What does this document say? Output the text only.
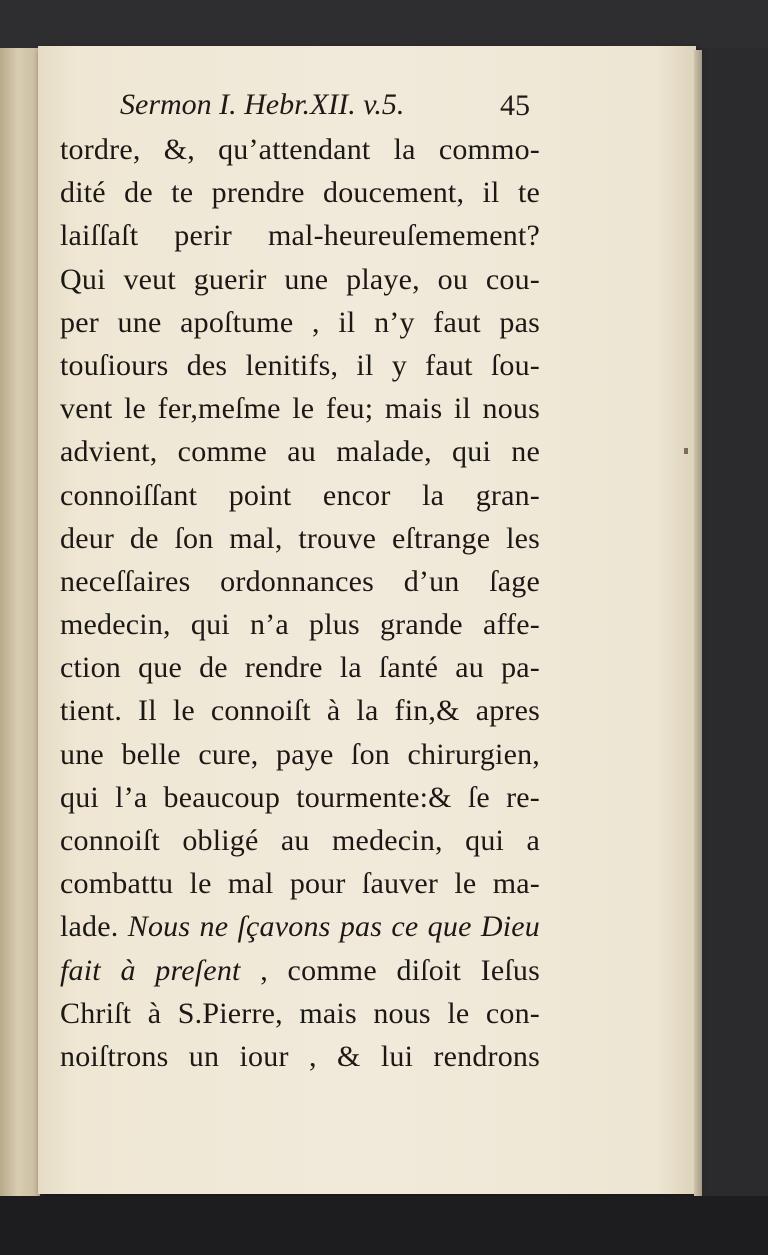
Sermon I. Hebr.XII. v.5.	45
tordre, &, qu’attendant la commo-
dité de te prendre doucement, il te
laiſſaſt perir mal-heureuſemement?
Qui veut guerir une playe, ou cou-
per une apoſtume , il n’y faut pas
touſiours des lenitifs, il y faut ſou-
vent le fer,meſme le feu; mais il nous
advient, comme au malade, qui ne
connoiſſant point encor la gran-
deur de ſon mal, trouve eſtrange les
neceſſaires ordonnances d’un ſage
medecin, qui n’a plus grande affe-
ction que de rendre la ſanté au pa-
tient. Il le connoiſt à la fin,& apres
une belle cure, paye ſon chirurgien,
qui l’a beaucoup tourmente:& ſe re-
connoiſt obligé au medecin, qui a
combattu le mal pour ſauver le ma-
lade. Nous ne ſçavons pas ce que Dieu
fait à preſent , comme diſoit Ieſus
Chriſt à S.Pierre, mais nous le con-
noiſtrons un iour , & lui rendrons
